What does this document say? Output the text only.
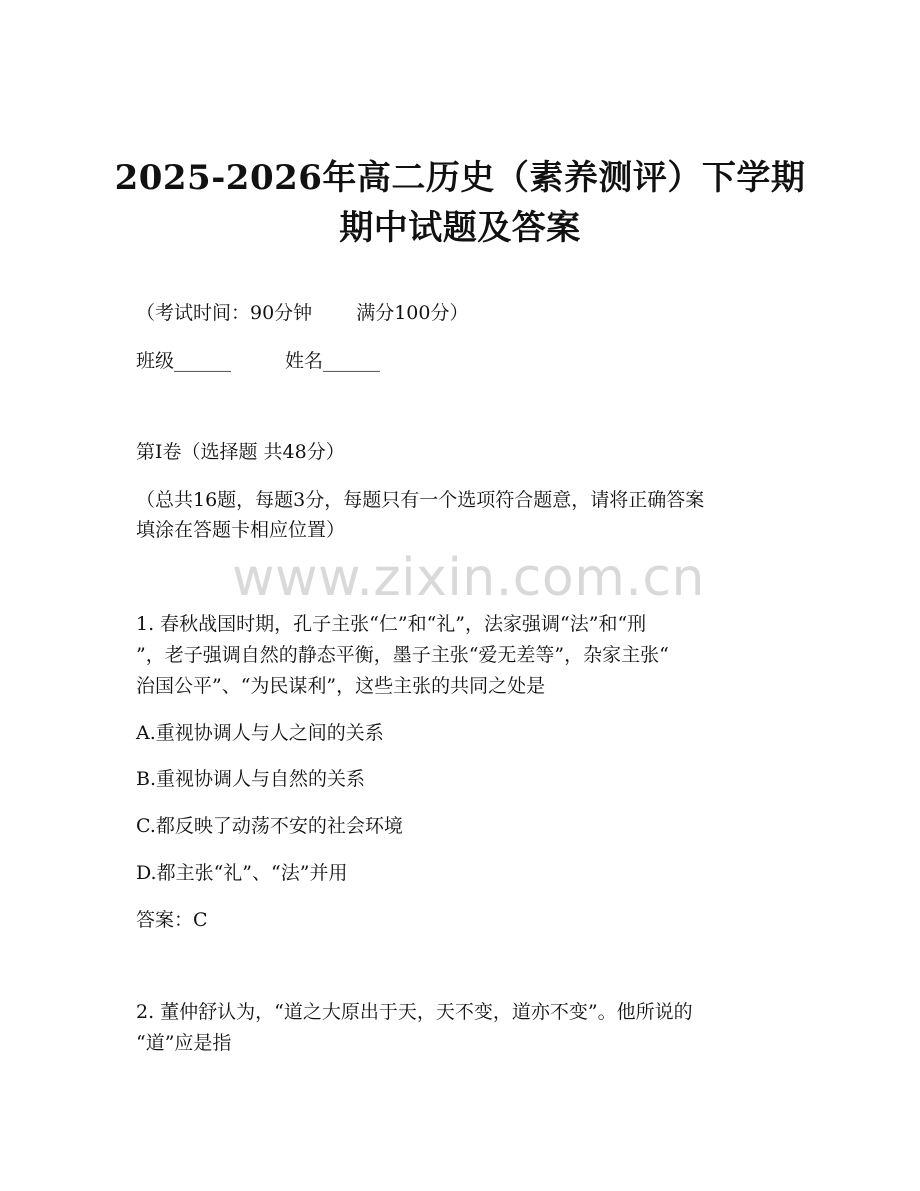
2025-2026年高二历史（素养测评）下学期
期中试题及答案
（考试时间：90分钟 满分100分）
班级______	姓名______
第I卷（选择题 共48分）
（总共16题，每题3分，每题只有一个选项符合题意，请将正确答案
填涂在答题卡相应位置）
www.zixin.com.cn
1. 春秋战国时期，孔子主张“仁”和“礼”，法家强调“法”和“刑
”，老子强调自然的静态平衡，墨子主张“爱无差等”，杂家主张“
治国公平”、“为民谋利”，这些主张的共同之处是
A.重视协调人与人之间的关系
B.重视协调人与自然的关系
C.都反映了动荡不安的社会环境
D.都主张“礼”、“法”并用
答案：C
2. 董仲舒认为，“道之大原出于天，天不变，道亦不变”。他所说的
“道”应是指
